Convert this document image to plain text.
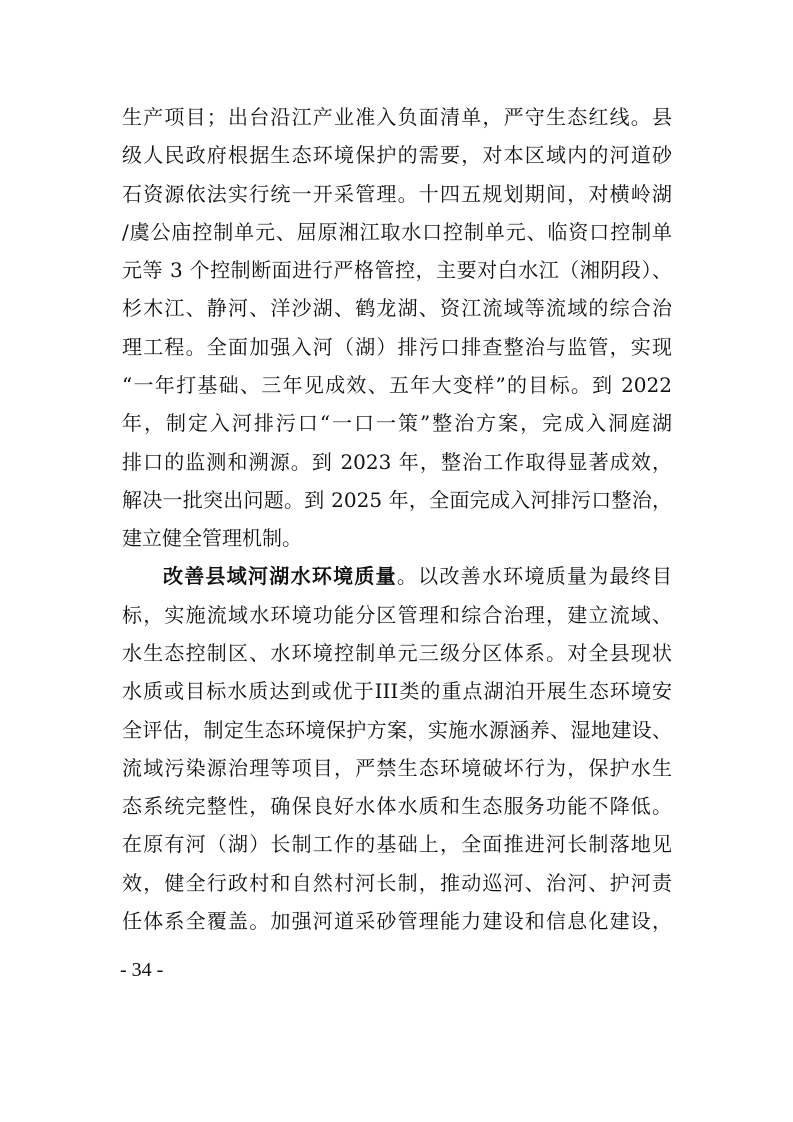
生产项目；出台沿江产业准入负面清单，严守生态红线。县
级人民政府根据生态环境保护的需要，对本区域内的河道砂
石资源依法实行统一开采管理。十四五规划期间，对横岭湖
/虞公庙控制单元、屈原湘江取水口控制单元、临资口控制单
元等 3 个控制断面进行严格管控，主要对白水江（湘阴段）、
杉木江、静河、洋沙湖、鹤龙湖、资江流域等流域的综合治
理工程。全面加强入河（湖）排污口排查整治与监管，实现
“一年打基础、三年见成效、五年大变样”的目标。到 2022
年，制定入河排污口“一口一策”整治方案，完成入洞庭湖
排口的监测和溯源。到 2023 年，整治工作取得显著成效，
解决一批突出问题。到 2025 年，全面完成入河排污口整治，
建立健全管理机制。
改善县域河湖水环境质量。以改善水环境质量为最终目
标，实施流域水环境功能分区管理和综合治理，建立流域、
水生态控制区、水环境控制单元三级分区体系。对全县现状
水质或目标水质达到或优于III类的重点湖泊开展生态环境安
全评估，制定生态环境保护方案，实施水源涵养、湿地建设、
流域污染源治理等项目，严禁生态环境破坏行为，保护水生
态系统完整性，确保良好水体水质和生态服务功能不降低。
在原有河（湖）长制工作的基础上，全面推进河长制落地见
效，健全行政村和自然村河长制，推动巡河、治河、护河责
任体系全覆盖。加强河道采砂管理能力建设和信息化建设，
- 34 -
